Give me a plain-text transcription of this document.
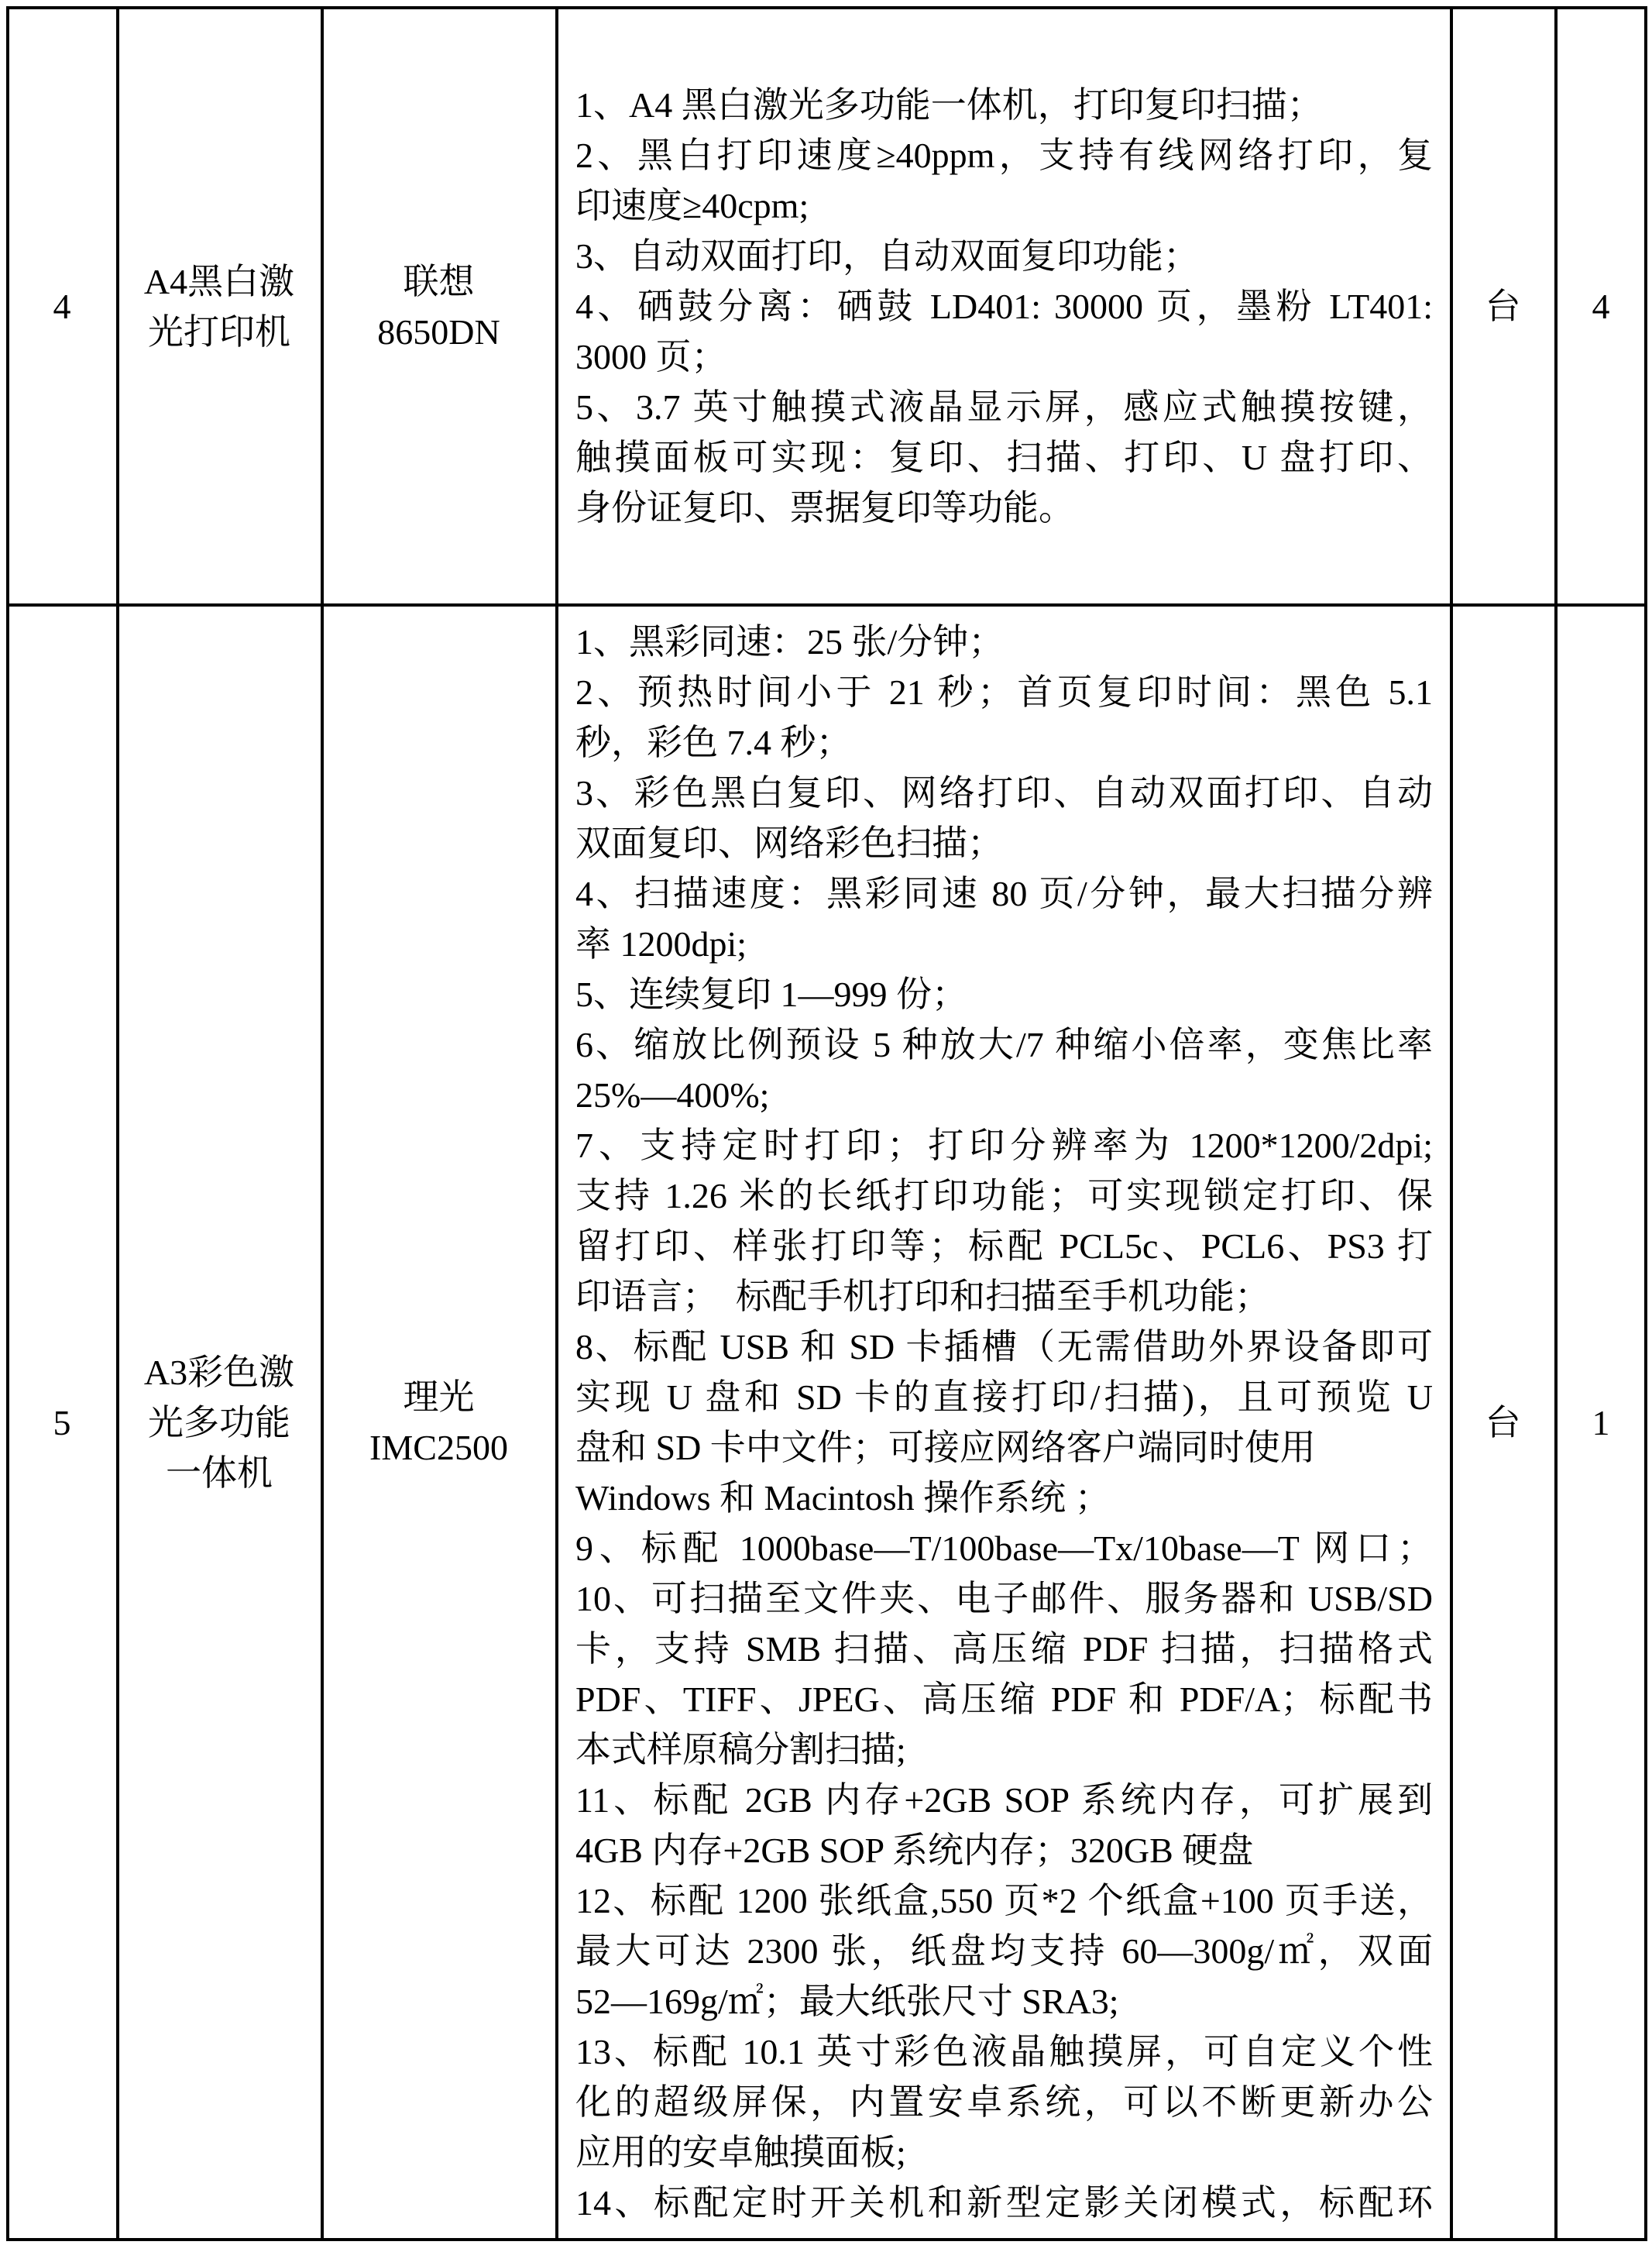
4
A4黑白激
光打印机
联想
8650DN
1、A4 黑白激光多功能一体机，打印复印扫描；
2、黑白打印速度≥40ppm，支持有线网络打印，复
印速度≥40cpm;
3、自动双面打印，自动双面复印功能；
4、硒鼓分离：硒鼓 LD401: 30000 页，墨粉 LT401:
3000 页；
5、3.7 英寸触摸式液晶显示屏，感应式触摸按键，
触摸面板可实现：复印、扫描、打印、U 盘打印、
身份证复印、票据复印等功能。
台 4
5
A3彩色激
光多功能
一体机
理光
IMC2500
1、黑彩同速：25 张/分钟；
2、预热时间小于 21 秒；首页复印时间：黑色 5.1
秒，彩色 7.4 秒；
3、彩色黑白复印、网络打印、自动双面打印、自动
双面复印、网络彩色扫描；
4、扫描速度：黑彩同速 80 页/分钟，最大扫描分辨
率 1200dpi;
5、连续复印 1—999 份；
6、缩放比例预设 5 种放大/7 种缩小倍率，变焦比率
25%—400%;
7、支持定时打印；打印分辨率为 1200*1200/2dpi;
支持 1.26 米的长纸打印功能；可实现锁定打印、保
留打印、样张打印等；标配 PCL5c、PCL6、PS3 打
印语言；　标配手机打印和扫描至手机功能；
8、标配 USB 和 SD 卡插槽（无需借助外界设备即可
实现 U 盘和 SD 卡的直接打印/扫描)，且可预览 U
盘和 SD 卡中文件；可接应网络客户端同时使用
Windows 和 Macintosh 操作系统 ；
9、标配 1000base—T/100base—Tx/10base—T 网口；
10、可扫描至文件夹、电子邮件、服务器和 USB/SD
卡，支持 SMB 扫描、高压缩 PDF 扫描，扫描格式
PDF、TIFF、JPEG、高压缩 PDF 和 PDF/A；标配书
本式样原稿分割扫描;
11、标配 2GB 内存+2GB SOP 系统内存，可扩展到
4GB 内存+2GB SOP 系统内存；320GB 硬盘
12、标配 1200 张纸盒,550 页*2 个纸盒+100 页手送，
最大可达 2300 张，纸盘均支持 60—300g/㎡，双面
52—169g/㎡；最大纸张尺寸 SRA3;
13、标配 10.1 英寸彩色液晶触摸屏，可自定义个性
化的超级屏保，内置安卓系统，可以不断更新办公
应用的安卓触摸面板;
14、标配定时开关机和新型定影关闭模式，标配环
台 1
